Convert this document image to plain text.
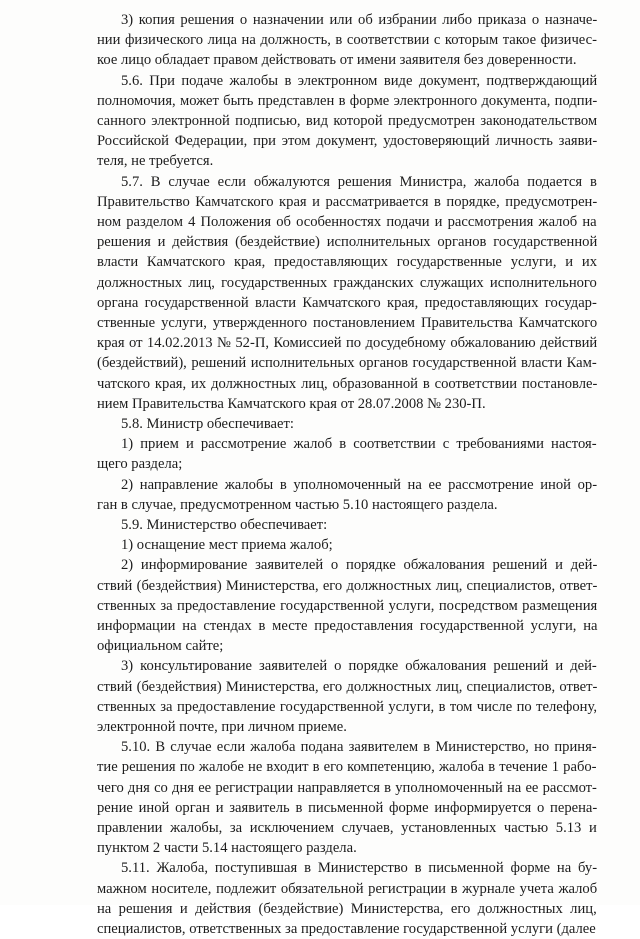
3) копия решения о назначении или об избрании либо приказа о назначе-
нии физического лица на должность, в соответствии с которым такое физичес-
кое лицо обладает правом действовать от имени заявителя без доверенности.
5.6. При подаче жалобы в электронном виде документ, подтверждающий
полномочия, может быть представлен в форме электронного документа, подпи-
санного электронной подписью, вид которой предусмотрен законодательством
Российской Федерации, при этом документ, удостоверяющий личность заяви-
теля, не требуется.
5.7. В случае если обжалуются решения Министра, жалоба подается в
Правительство Камчатского края и рассматривается в порядке, предусмотрен-
ном разделом 4 Положения об особенностях подачи и рассмотрения жалоб на
решения и действия (бездействие) исполнительных органов государственной
власти Камчатского края, предоставляющих государственные услуги, и их
должностных лиц, государственных гражданских служащих исполнительного
органа государственной власти Камчатского края, предоставляющих государ-
ственные услуги, утвержденного постановлением Правительства Камчатского
края от 14.02.2013 № 52-П, Комиссией по досудебному обжалованию действий
(бездействий), решений исполнительных органов государственной власти Кам-
чатского края, их должностных лиц, образованной в соответствии постановле-
нием Правительства Камчатского края от 28.07.2008 № 230-П.
5.8. Министр обеспечивает:
1) прием и рассмотрение жалоб в соответствии с требованиями настоя-
щего раздела;
2) направление жалобы в уполномоченный на ее рассмотрение иной ор-
ган в случае, предусмотренном частью 5.10 настоящего раздела.
5.9. Министерство обеспечивает:
1) оснащение мест приема жалоб;
2) информирование заявителей о порядке обжалования решений и дей-
ствий (бездействия) Министерства, его должностных лиц, специалистов, ответ-
ственных за предоставление государственной услуги, посредством размещения
информации на стендах в месте предоставления государственной услуги, на
официальном сайте;
3) консультирование заявителей о порядке обжалования решений и дей-
ствий (бездействия) Министерства, его должностных лиц, специалистов, ответ-
ственных за предоставление государственной услуги, в том числе по телефону,
электронной почте, при личном приеме.
5.10. В случае если жалоба подана заявителем в Министерство, но приня-
тие решения по жалобе не входит в его компетенцию, жалоба в течение 1 рабо-
чего дня со дня ее регистрации направляется в уполномоченный на ее рассмот-
рение иной орган и заявитель в письменной форме информируется о перена-
правлении жалобы, за исключением случаев, установленных частью 5.13 и
пунктом 2 части 5.14 настоящего раздела.
5.11. Жалоба, поступившая в Министерство в письменной форме на бу-
мажном носителе, подлежит обязательной регистрации в журнале учета жалоб
на решения и действия (бездействие) Министерства, его должностных лиц,
специалистов, ответственных за предоставление государственной услуги (далее
